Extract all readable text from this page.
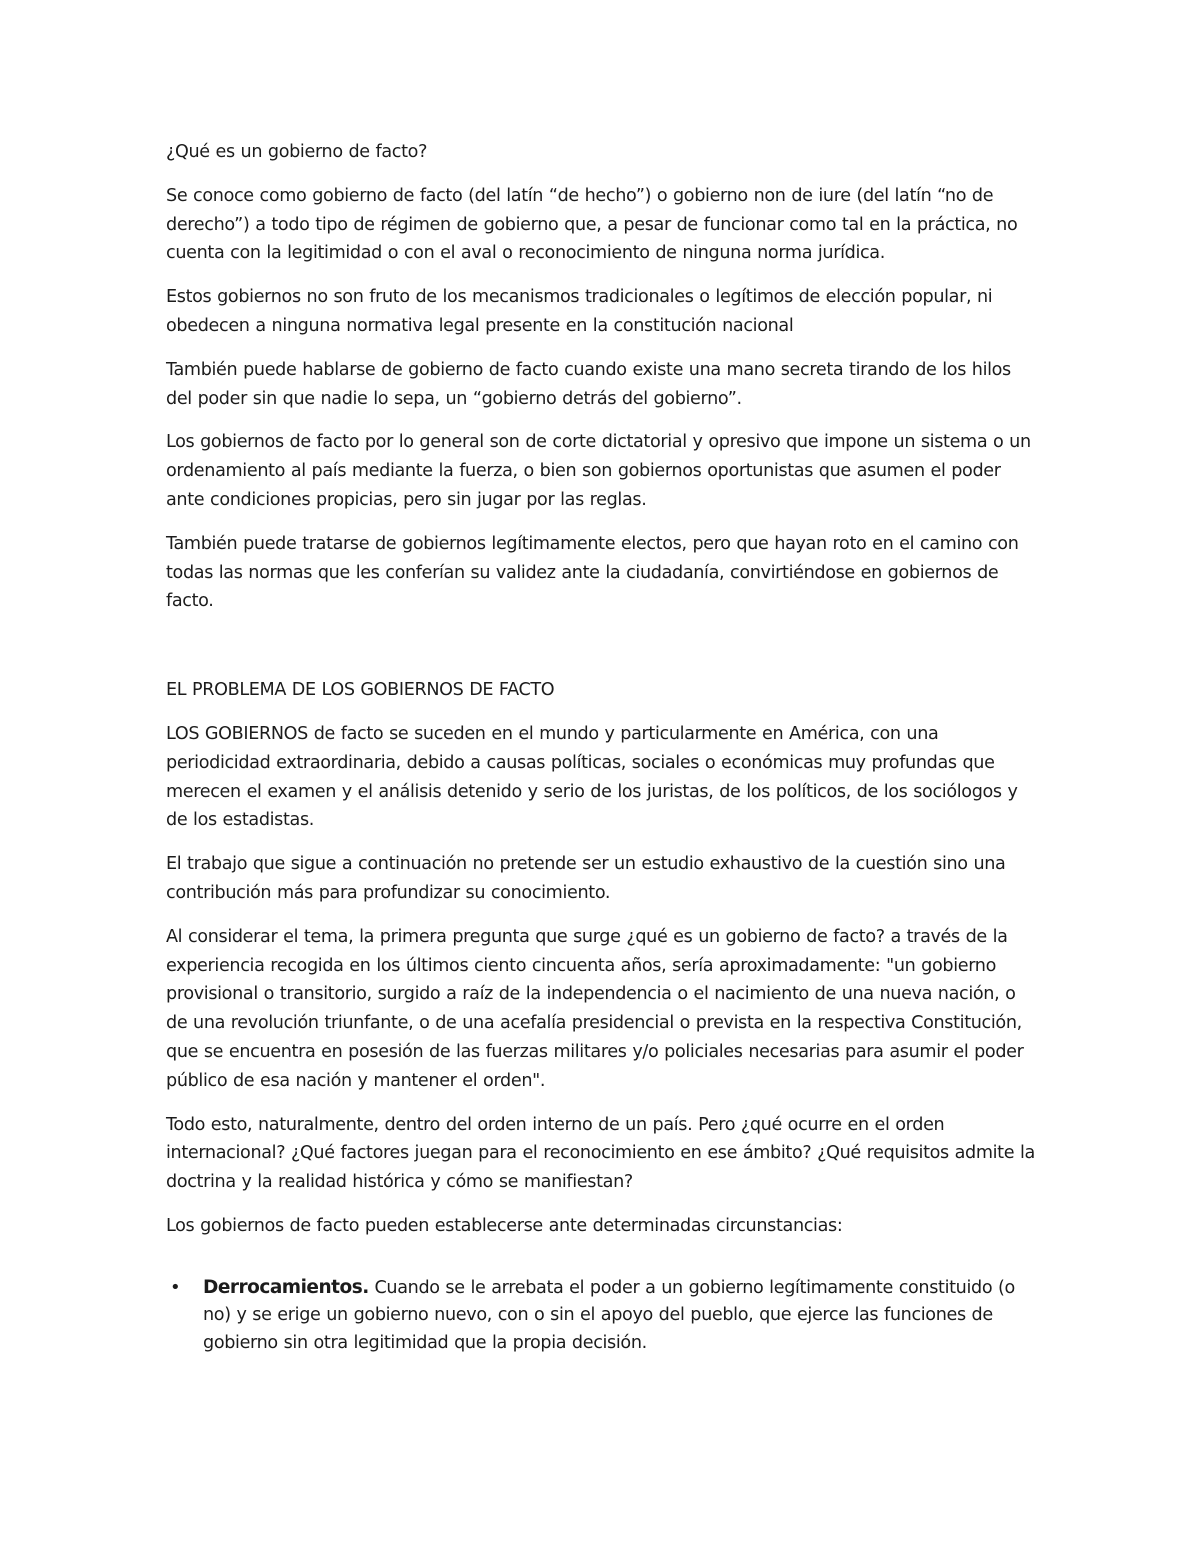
¿Qué es un gobierno de facto?

Se conoce como gobierno de facto (del latín “de hecho”) o gobierno non de iure (del latín “no de derecho”) a todo tipo de régimen de gobierno que, a pesar de funcionar como tal en la práctica, no cuenta con la legitimidad o con el aval o reconocimiento de ninguna norma jurídica.

Estos gobiernos no son fruto de los mecanismos tradicionales o legítimos de elección popular, ni obedecen a ninguna normativa legal presente en la constitución nacional

También puede hablarse de gobierno de facto cuando existe una mano secreta tirando de los hilos del poder sin que nadie lo sepa, un “gobierno detrás del gobierno”.

Los gobiernos de facto por lo general son de corte dictatorial y opresivo que impone un sistema o un ordenamiento al país mediante la fuerza, o bien son gobiernos oportunistas que asumen el poder ante condiciones propicias, pero sin jugar por las reglas.

También puede tratarse de gobiernos legítimamente electos, pero que hayan roto en el camino con todas las normas que les conferían su validez ante la ciudadanía, convirtiéndose en gobiernos de facto.

EL PROBLEMA DE LOS GOBIERNOS DE FACTO

LOS GOBIERNOS de facto se suceden en el mundo y particularmente en América, con una periodicidad extraordinaria, debido a causas políticas, sociales o económicas muy profundas que merecen el examen y el análisis detenido y serio de los juristas, de los políticos, de los sociólogos y de los estadistas.

El trabajo que sigue a continuación no pretende ser un estudio exhaustivo de la cuestión sino una contribución más para profundizar su conocimiento.

Al considerar el tema, la primera pregunta que surge ¿qué es un gobierno de facto? a través de la experiencia recogida en los últimos ciento cincuenta años, sería aproximadamente: "un gobierno provisional o transitorio, surgido a raíz de la independencia o el nacimiento de una nueva nación, o de una revolución triunfante, o de una acefalía presidencial o prevista en la respectiva Constitución, que se encuentra en posesión de las fuerzas militares y/o policiales necesarias para asumir el poder público de esa nación y mantener el orden".

Todo esto, naturalmente, dentro del orden interno de un país. Pero ¿qué ocurre en el orden internacional? ¿Qué factores juegan para el reconocimiento en ese ámbito? ¿Qué requisitos admite la doctrina y la realidad histórica y cómo se manifiestan?

Los gobiernos de facto pueden establecerse ante determinadas circunstancias:

• Derrocamientos. Cuando se le arrebata el poder a un gobierno legítimamente constituido (o no) y se erige un gobierno nuevo, con o sin el apoyo del pueblo, que ejerce las funciones de gobierno sin otra legitimidad que la propia decisión.
